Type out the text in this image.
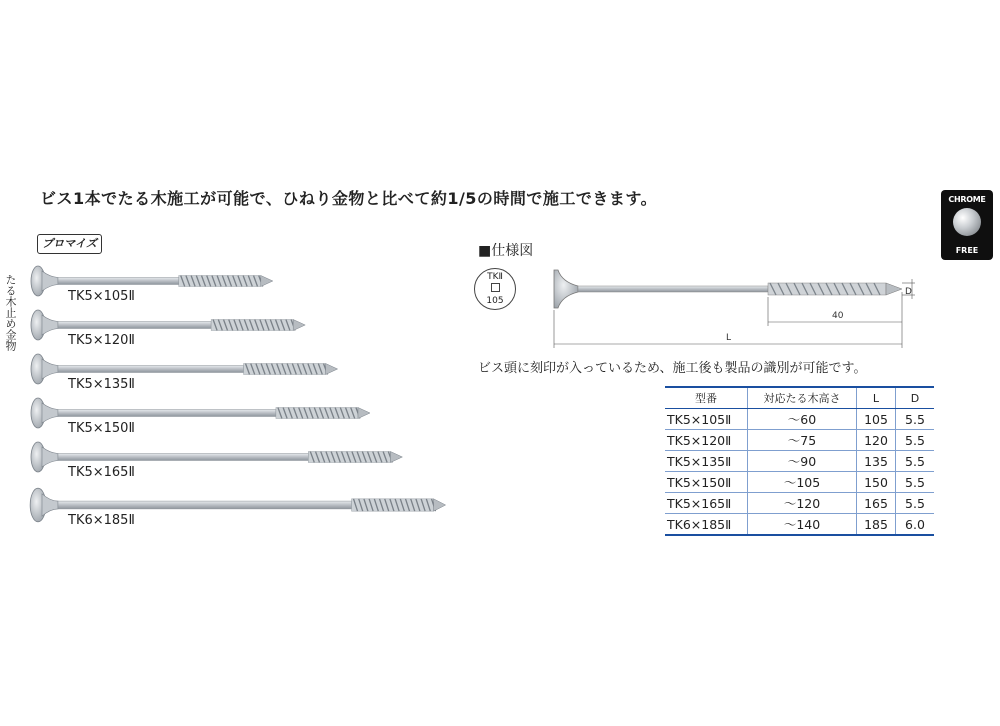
ビス1本でたる木施工が可能で、ひねり金物と比べて約1/5の時間で施工できます。
プロマイズ
たる木止め金物	TK5×105Ⅱ
TK5×120Ⅱ
TK5×135Ⅱ
TK5×150Ⅱ
TK5×165Ⅱ
TK6×185Ⅱ
CHROME
FREE
■仕様図
TKⅡ
105
D
40
L
ビス頭に刻印が入っているため、施工後も製品の識別が可能です。
型番	対応たる木高さ	L	D
TK5×105Ⅱ	〜60	105	5.5
TK5×120Ⅱ	〜75	120	5.5
TK5×135Ⅱ	〜90	135	5.5
TK5×150Ⅱ	〜105	150	5.5
TK5×165Ⅱ	〜120	165	5.5
TK6×185Ⅱ	〜140	185	6.0
